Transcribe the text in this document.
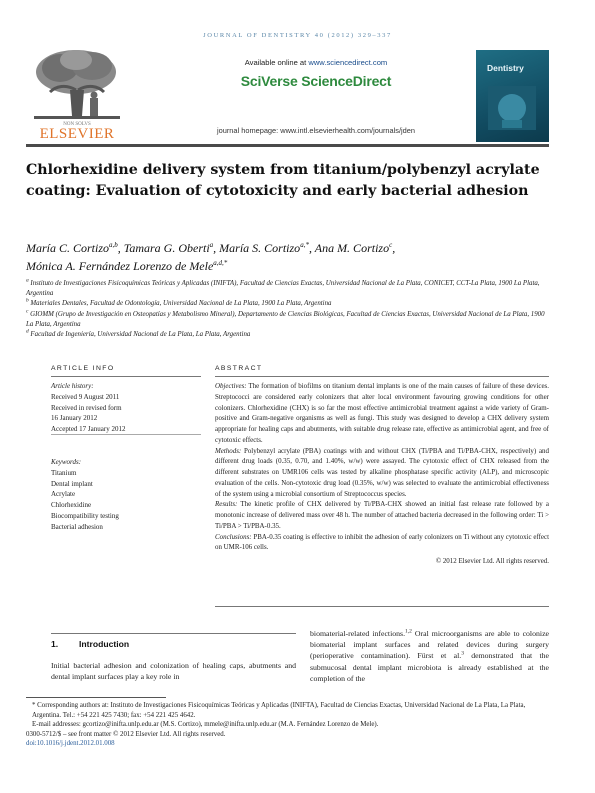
JOURNAL OF DENTISTRY 40 (2012) 329–337
NON SOLVS
ELSEVIER
Available online at www.sciencedirect.com
SciVerse ScienceDirect
journal homepage: www.intl.elsevierhealth.com/journals/jden
Dentistry
Chlorhexidine delivery system from titanium/polybenzyl acrylate coating: Evaluation of cytotoxicity and early bacterial adhesion
María C. Cortizo$^{a,b}$, Tamara G. Oberti$^a$, María S. Cortizo$^{a,*}$, Ana M. Cortizo$^c$,
Mónica A. Fernández Lorenzo de Mele$^{a,d,*}$
$^a$ Instituto de Investigaciones Fisicoquímicas Teóricas y Aplicadas (INIFTA), Facultad de Ciencias Exactas, Universidad Nacional de La Plata, CONICET, CCT-La Plata, 1900 La Plata, Argentina
$^b$ Materiales Dentales, Facultad de Odontología, Universidad Nacional de La Plata, 1900 La Plata, Argentina
$^c$ GIOMM (Grupo de Investigación en Osteopatías y Metabolismo Mineral), Departamento de Ciencias Biológicas, Facultad de Ciencias Exactas, Universidad Nacional de La Plata, 1900 La Plata, Argentina
$^d$ Facultad de Ingeniería, Universidad Nacional de La Plata, La Plata, Argentina
ARTICLE INFO	ABSTRACT
Article history:
Received 9 August 2011
Received in revised form
16 January 2012
Accepted 17 January 2012
Keywords:
Titanium
Dental implant
Acrylate
Chlorhexidine
Biocompatibility testing
Bacterial adhesion

Objectives: The formation of biofilms on titanium dental implants is one of the main causes of failure of these devices. Streptococci are considered early colonizers that alter local environment favouring growing conditions for other colonizers. Chlorhexidine (CHX) is so far the most effective antimicrobial treatment against a wide variety of Gram-positive and Gram-negative organisms as well as fungi. This study was designed to develop a CHX delivery system appropriate for healing caps and abutments, with suitable drug release rate, effective as antimicrobial agent, and free of cytotoxic effects.

Methods: Polybenzyl acrylate (PBA) coatings with and without CHX (Ti/PBA and Ti/PBA-CHX, respectively) and different drug loads (0.35, 0.70, and 1.40%, w/w) were assayed. The cytotoxic effect of CHX released from the different substrates on UMR106 cells was tested by alkaline phosphatase specific activity (ALP), and microscopic evaluation of the cells. Non-cytotoxic drug load (0.35%, w/w) was selected to evaluate the antimicrobial effectiveness of the system using a microbial consortium of Streptococcus species.

Results: The kinetic profile of CHX delivered by Ti/PBA-CHX showed an initial fast release rate followed by a monotonic increase of delivered mass over 48 h. The number of attached bacteria decreased in the following order: Ti > Ti/PBA > Ti/PBA-0.35.

Conclusions: PBA-0.35 coating is effective to inhibit the adhesion of early colonizers on Ti without any cytotoxic effect on UMR-106 cells.

© 2012 Elsevier Ltd. All rights reserved.

1. Introduction
Initial bacterial adhesion and colonization of healing caps, abutments and dental implant surfaces play a key role in
biomaterial-related infections.$^{1,2}$ Oral microorganisms are able to colonize biomaterial implant surfaces and related devices during surgery (perioperative contamination). Fürst et al.$^3$ demonstrated that the submucosal dental implant microbiota is already established at the completion of the
* Corresponding authors at: Instituto de Investigaciones Fisicoquímicas Teóricas y Aplicadas (INIFTA), Facultad de Ciencias Exactas, Universidad Nacional de La Plata, La Plata, Argentina. Tel.: +54 221 425 7430; fax: +54 221 425 4642.
E-mail addresses: gcortizo@inifta.unlp.edu.ar (M.S. Cortizo), mmele@inifta.unlp.edu.ar (M.A. Fernández Lorenzo de Mele).
0300-5712/$ – see front matter © 2012 Elsevier Ltd. All rights reserved.
doi:10.1016/j.jdent.2012.01.008
